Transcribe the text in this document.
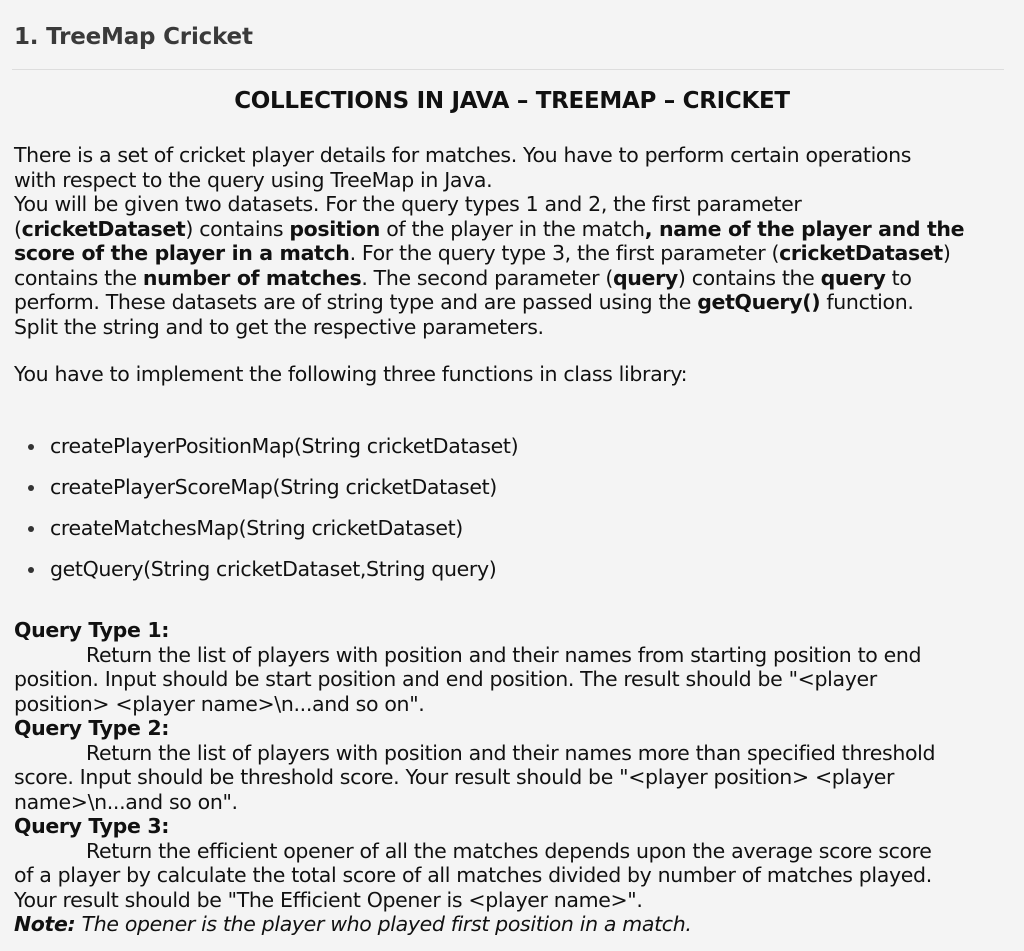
1. TreeMap Cricket
COLLECTIONS IN JAVA – TREEMAP – CRICKET
There is a set of cricket player details for matches. You have to perform certain operations
with respect to the query using TreeMap in Java.
You will be given two datasets. For the query types 1 and 2, the first parameter
(cricketDataset) contains position of the player in the match, name of the player and the
score of the player in a match. For the query type 3, the first parameter (cricketDataset)
contains the number of matches. The second parameter (query) contains the query to
perform. These datasets are of string type and are passed using the getQuery() function.
Split the string and to get the respective parameters.
You have to implement the following three functions in class library:
createPlayerPositionMap(String cricketDataset)
createPlayerScoreMap(String cricketDataset)
createMatchesMap(String cricketDataset)
getQuery(String cricketDataset,String query)
Query Type 1:
Return the list of players with position and their names from starting position to end
position. Input should be start position and end position. The result should be "<player
position> <player name>\n...and so on".
Query Type 2:
Return the list of players with position and their names more than specified threshold
score. Input should be threshold score. Your result should be "<player position> <player
name>\n...and so on".
Query Type 3:
Return the efficient opener of all the matches depends upon the average score score
of a player by calculate the total score of all matches divided by number of matches played.
Your result should be "The Efficient Opener is <player name>".
Note: The opener is the player who played first position in a match.
